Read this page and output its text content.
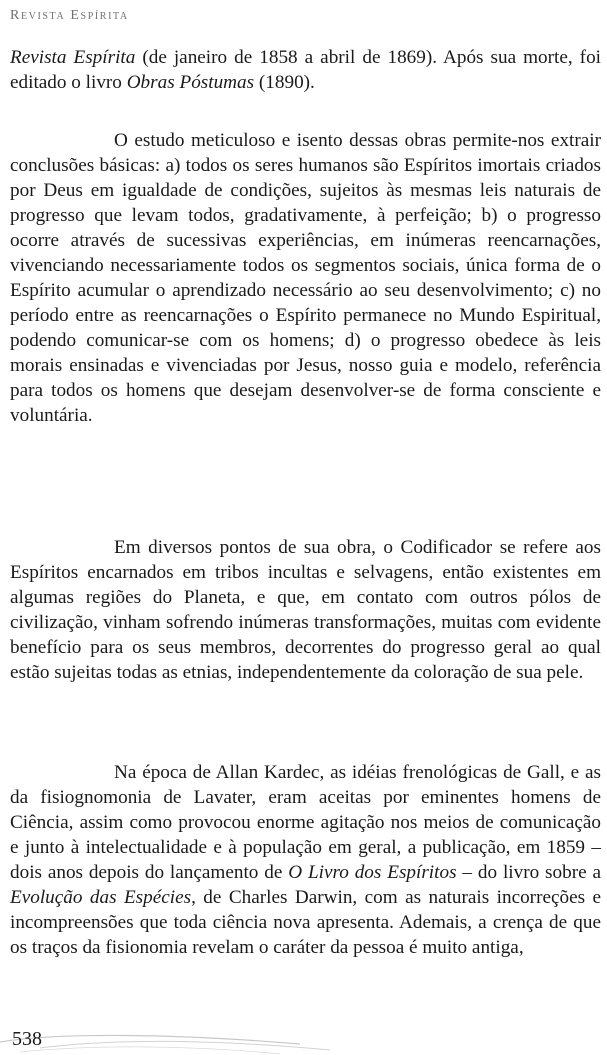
Revista Espírita

Revista Espírita (de janeiro de 1858 a abril de 1869). Após sua morte, foi editado o livro Obras Póstumas (1890).

O estudo meticuloso e isento dessas obras permite-nos extrair conclusões básicas: a) todos os seres humanos são Espíritos imortais criados por Deus em igualdade de condições, sujeitos às mesmas leis naturais de progresso que levam todos, gradativamente, à perfeição; b) o progresso ocorre através de sucessivas experiências, em inúmeras reencarnações, vivenciando necessariamente todos os segmentos sociais, única forma de o Espírito acumular o aprendizado necessário ao seu desenvolvimento; c) no período entre as reencarnações o Espírito permanece no Mundo Espiritual, podendo comunicar-se com os homens; d) o progresso obedece às leis morais ensinadas e vivenciadas por Jesus, nosso guia e modelo, referência para todos os homens que desejam desenvolver-se de forma consciente e voluntária.

Em diversos pontos de sua obra, o Codificador se refere aos Espíritos encarnados em tribos incultas e selvagens, então existentes em algumas regiões do Planeta, e que, em contato com outros pólos de civilização, vinham sofrendo inúmeras transformações, muitas com evidente benefício para os seus membros, decorrentes do progresso geral ao qual estão sujeitas todas as etnias, independentemente da coloração de sua pele.

Na época de Allan Kardec, as idéias frenológicas de Gall, e as da fisiognomonia de Lavater, eram aceitas por eminentes homens de Ciência, assim como provocou enorme agitação nos meios de comunicação e junto à intelectualidade e à população em geral, a publicação, em 1859 – dois anos depois do lançamento de O Livro dos Espíritos – do livro sobre a Evolução das Espécies, de Charles Darwin, com as naturais incorreções e incompreensões que toda ciência nova apresenta. Ademais, a crença de que os traços da fisionomia revelam o caráter da pessoa é muito antiga,

538
